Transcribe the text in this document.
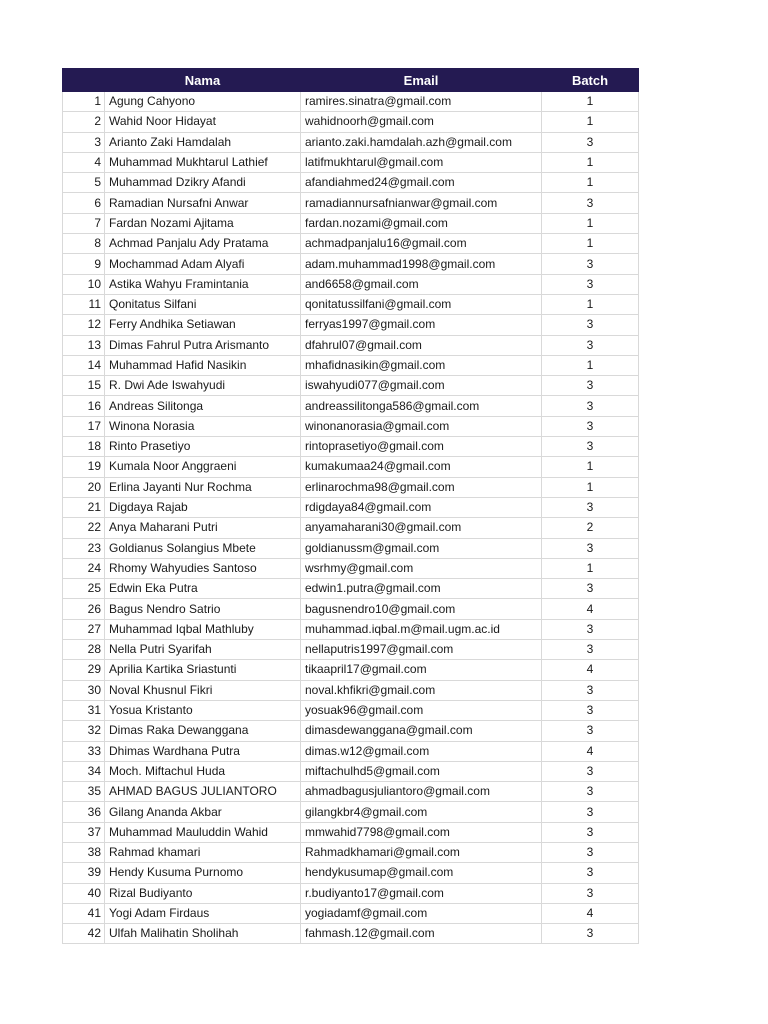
	Nama	Email	Batch
1	Agung Cahyono	ramires.sinatra@gmail.com	1
2	Wahid Noor Hidayat	wahidnoorh@gmail.com	1
3	Arianto Zaki Hamdalah	arianto.zaki.hamdalah.azh@gmail.com	3
4	Muhammad Mukhtarul Lathief	latifmukhtarul@gmail.com	1
5	Muhammad Dzikry Afandi	afandiahmed24@gmail.com	1
6	Ramadian Nursafni Anwar	ramadiannursafnianwar@gmail.com	3
7	Fardan Nozami Ajitama	fardan.nozami@gmail.com	1
8	Achmad Panjalu Ady Pratama	achmadpanjalu16@gmail.com	1
9	Mochammad Adam Alyafi	adam.muhammad1998@gmail.com	3
10	Astika Wahyu Framintania	and6658@gmail.com	3
11	Qonitatus Silfani	qonitatussilfani@gmail.com	1
12	Ferry Andhika Setiawan	ferryas1997@gmail.com	3
13	Dimas Fahrul Putra Arismanto	dfahrul07@gmail.com	3
14	Muhammad Hafid Nasikin	mhafidnasikin@gmail.com	1
15	R. Dwi Ade Iswahyudi	iswahyudi077@gmail.com	3
16	Andreas Silitonga	andreassilitonga586@gmail.com	3
17	Winona Norasia	winonanorasia@gmail.com	3
18	Rinto Prasetiyo	rintoprasetiyo@gmail.com	3
19	Kumala Noor Anggraeni	kumakumaa24@gmail.com	1
20	Erlina Jayanti Nur Rochma	erlinarochma98@gmail.com	1
21	Digdaya Rajab	rdigdaya84@gmail.com	3
22	Anya Maharani Putri	anyamaharani30@gmail.com	2
23	Goldianus Solangius Mbete	goldianussm@gmail.com	3
24	Rhomy Wahyudies Santoso	wsrhmy@gmail.com	1
25	Edwin Eka Putra	edwin1.putra@gmail.com	3
26	Bagus Nendro Satrio	bagusnendro10@gmail.com	4
27	Muhammad Iqbal Mathluby	muhammad.iqbal.m@mail.ugm.ac.id	3
28	Nella Putri Syarifah	nellaputris1997@gmail.com	3
29	Aprilia Kartika Sriastunti	tikaapril17@gmail.com	4
30	Noval Khusnul Fikri	noval.khfikri@gmail.com	3
31	Yosua Kristanto	yosuak96@gmail.com	3
32	Dimas Raka Dewanggana	dimasdewanggana@gmail.com	3
33	Dhimas Wardhana Putra	dimas.w12@gmail.com	4
34	Moch. Miftachul Huda	miftachulhd5@gmail.com	3
35	AHMAD BAGUS JULIANTORO	ahmadbagusjuliantoro@gmail.com	3
36	Gilang Ananda Akbar	gilangkbr4@gmail.com	3
37	Muhammad Mauluddin Wahid	mmwahid7798@gmail.com	3
38	Rahmad khamari	Rahmadkhamari@gmail.com	3
39	Hendy Kusuma Purnomo	hendykusumap@gmail.com	3
40	Rizal Budiyanto	r.budiyanto17@gmail.com	3
41	Yogi Adam Firdaus	yogiadamf@gmail.com	4
42	Ulfah Malihatin Sholihah	fahmash.12@gmail.com	3
